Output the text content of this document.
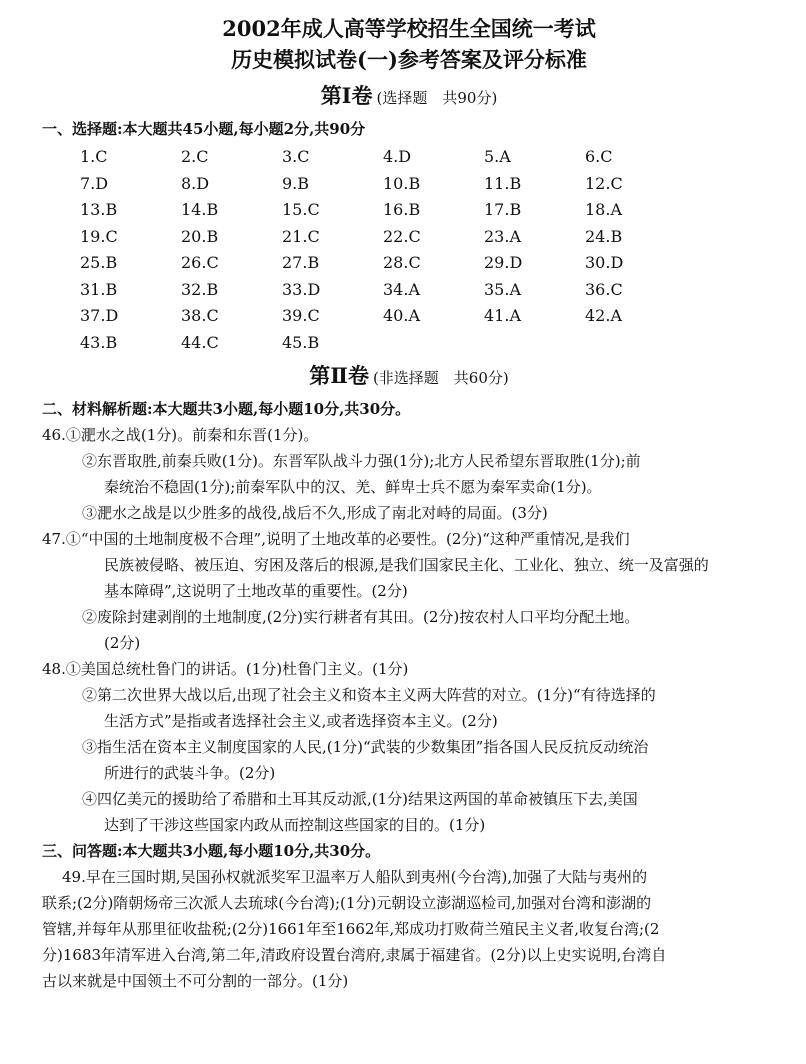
2002年成人高等学校招生全国统一考试
历史模拟试卷(一)参考答案及评分标准
第Ⅰ卷 (选择题　共90分)
一、选择题:本大题共45小题,每小题2分,共90分
1.C	2.C	3.C	4.D	5.A	6.C
7.D	8.D	9.B	10.B	11.B	12.C
13.B	14.B	15.C	16.B	17.B	18.A
19.C	20.B	21.C	22.C	23.A	24.B
25.B	26.C	27.B	28.C	29.D	30.D
31.B	32.B	33.D	34.A	35.A	36.C
37.D	38.C	39.C	40.A	41.A	42.A
43.B	44.C	45.B
第Ⅱ卷 (非选择题　共60分)
二、材料解析题:本大题共3小题,每小题10分,共30分。
46.①淝水之战(1分)。前秦和东晋(1分)。
②东晋取胜,前秦兵败(1分)。东晋军队战斗力强(1分);北方人民希望东晋取胜(1分);前
秦统治不稳固(1分);前秦军队中的汉、羌、鲜卑士兵不愿为秦军卖命(1分)。
③淝水之战是以少胜多的战役,战后不久,形成了南北对峙的局面。(3分)
47.①“中国的土地制度极不合理”,说明了土地改革的必要性。(2分)“这种严重情况,是我们
民族被侵略、被压迫、穷困及落后的根源,是我们国家民主化、工业化、独立、统一及富强的
基本障碍”,这说明了土地改革的重要性。(2分)
②废除封建剥削的土地制度,(2分)实行耕者有其田。(2分)按农村人口平均分配土地。
(2分)
48.①美国总统杜鲁门的讲话。(1分)杜鲁门主义。(1分)
②第二次世界大战以后,出现了社会主义和资本主义两大阵营的对立。(1分)“有待选择的
生活方式”是指或者选择社会主义,或者选择资本主义。(2分)
③指生活在资本主义制度国家的人民,(1分)“武装的少数集团”指各国人民反抗反动统治
所进行的武装斗争。(2分)
④四亿美元的援助给了希腊和土耳其反动派,(1分)结果这两国的革命被镇压下去,美国
达到了干涉这些国家内政从而控制这些国家的目的。(1分)
三、问答题:本大题共3小题,每小题10分,共30分。
49.早在三国时期,吴国孙权就派奖军卫温率万人船队到夷州(今台湾),加强了大陆与夷州的
联系;(2分)隋朝炀帝三次派人去琉球(今台湾);(1分)元朝设立澎湖巡检司,加强对台湾和澎湖的
管辖,并每年从那里征收盐税;(2分)1661年至1662年,郑成功打败荷兰殖民主义者,收复台湾;(2
分)1683年清军进入台湾,第二年,清政府设置台湾府,隶属于福建省。(2分)以上史实说明,台湾自
古以来就是中国领土不可分割的一部分。(1分)
